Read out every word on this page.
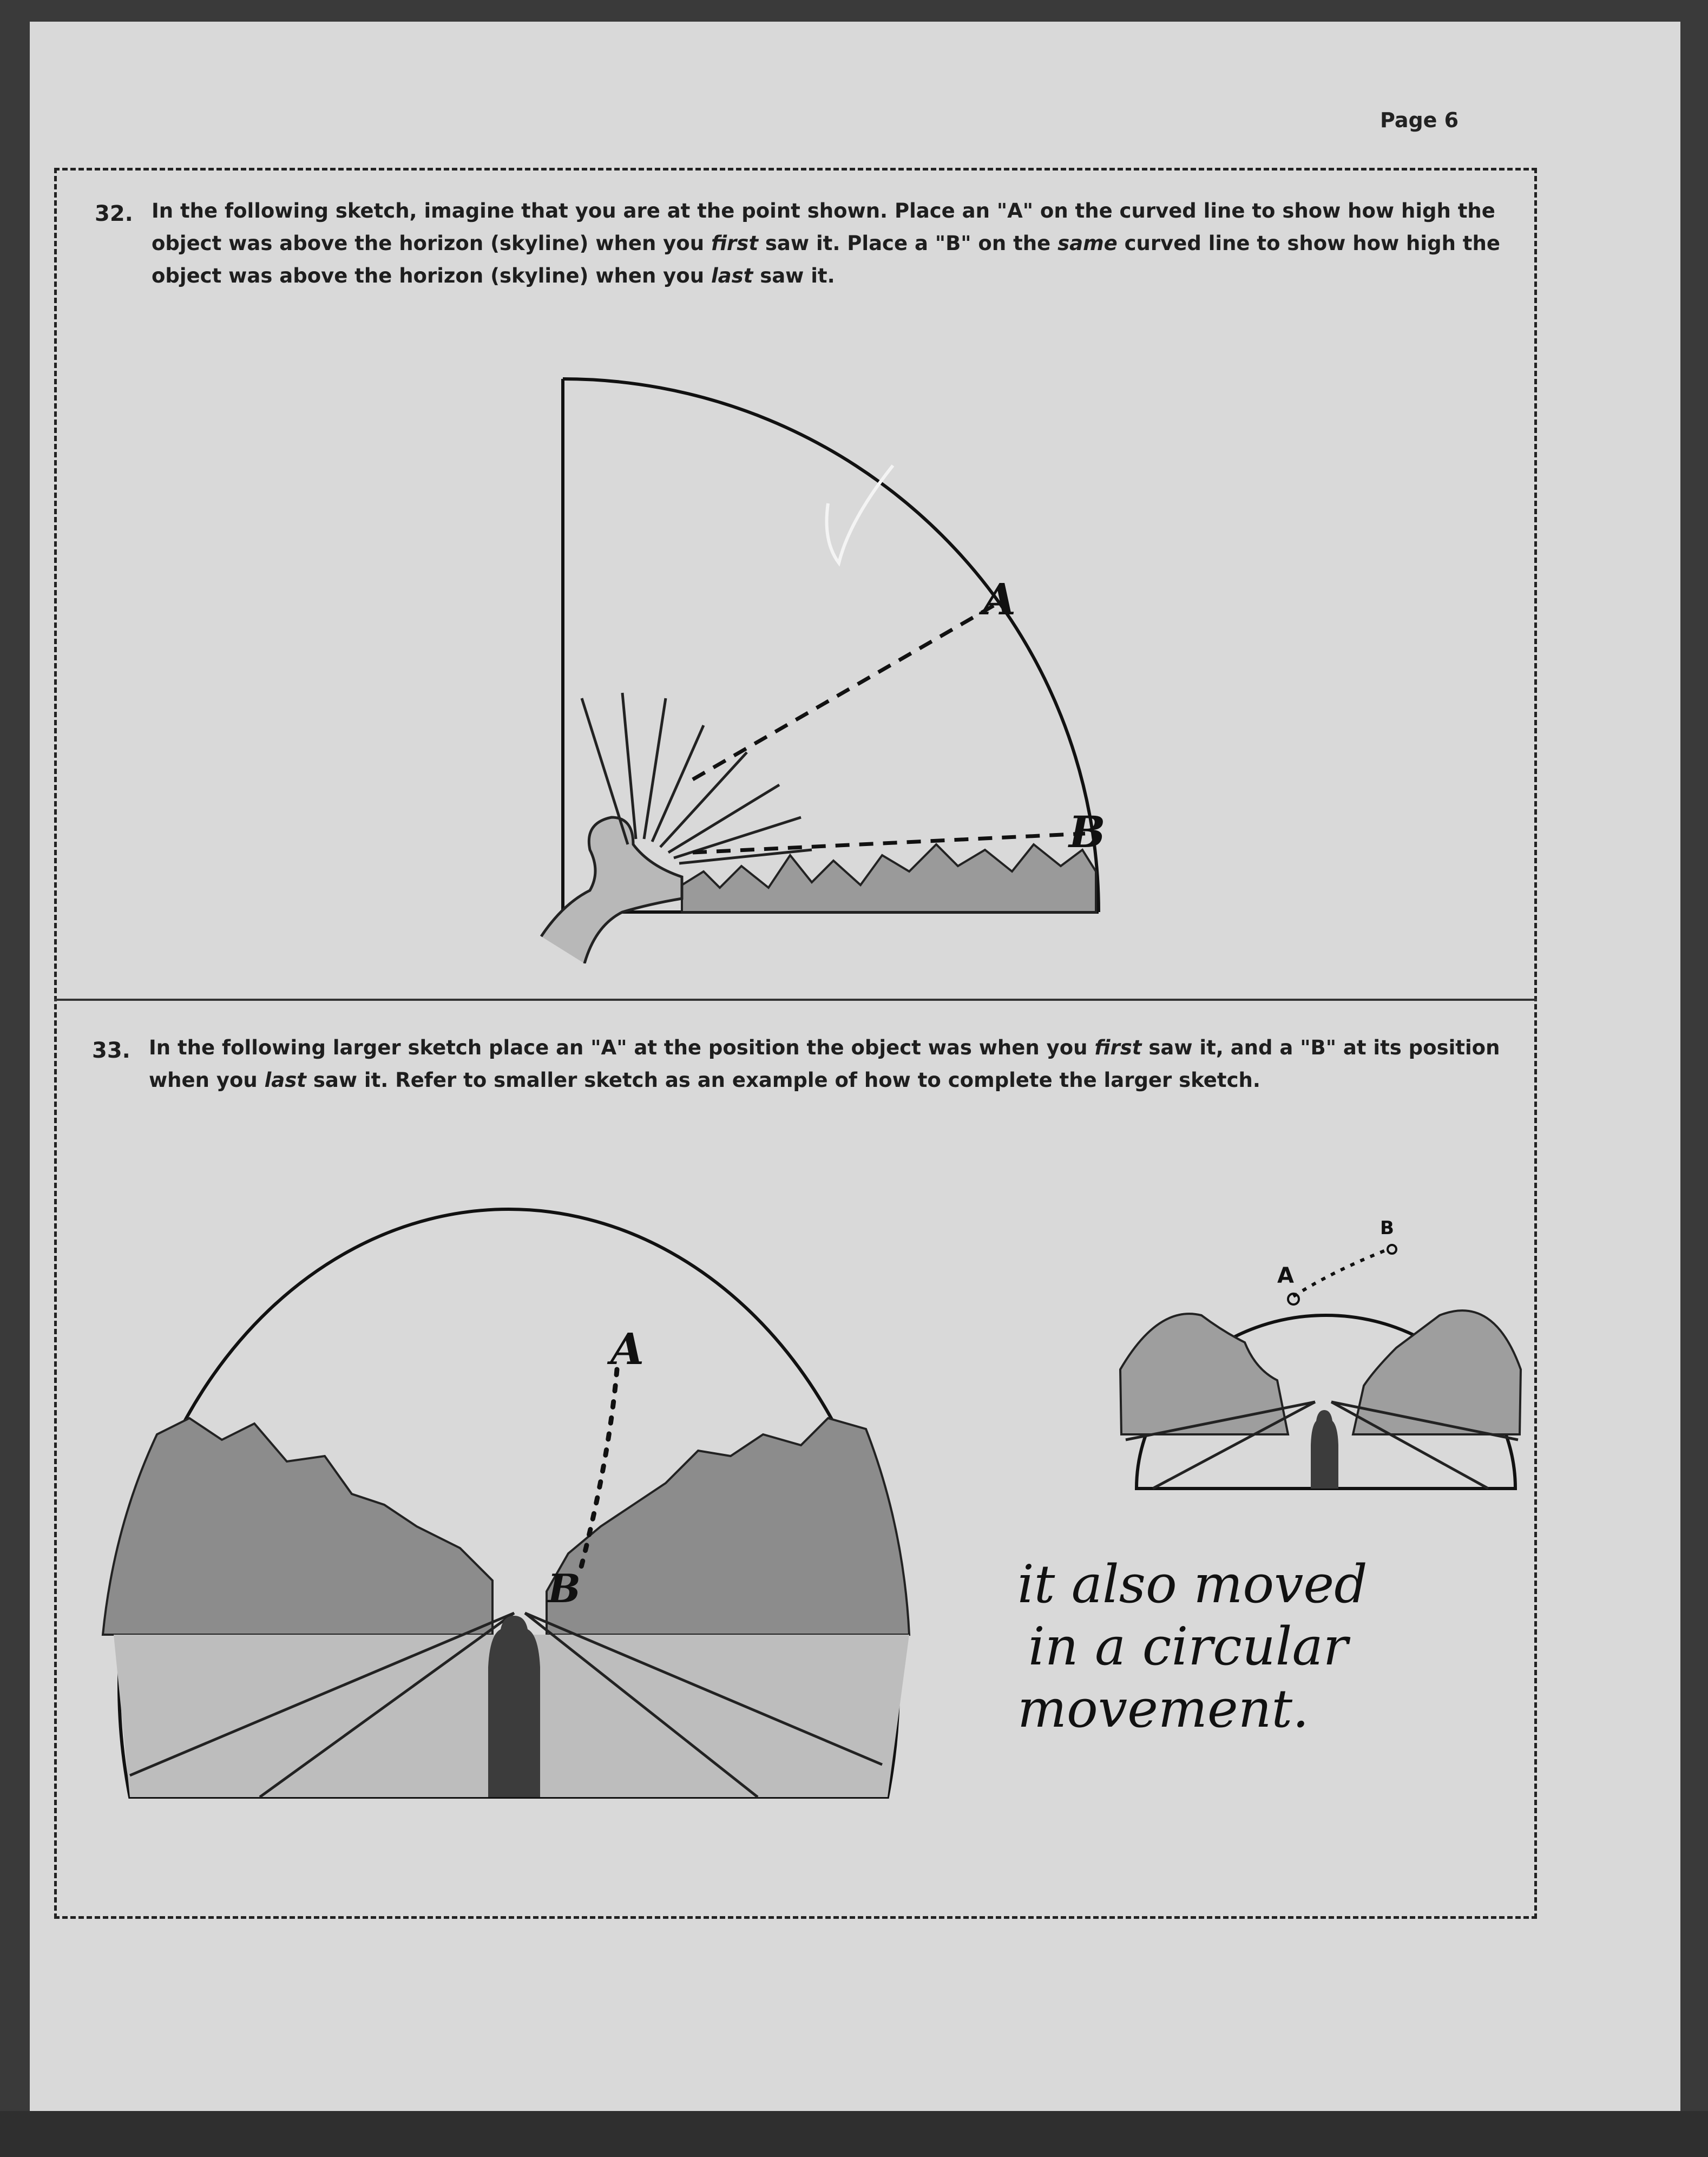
Page 6
32. In the following sketch, imagine that you are at the point shown. Place an "A" on the curved line to show how high the object was above the horizon (skyline) when you first saw it. Place a "B" on the same curved line to show how high the object was above the horizon (skyline) when you last saw it.
A
B
33. In the following larger sketch place an "A" at the position the object was when you first saw it, and a "B" at its position when you last saw it. Refer to smaller sketch as an example of how to complete the larger sketch.
A
B
A
B
it also moved
in a circular
movement.
